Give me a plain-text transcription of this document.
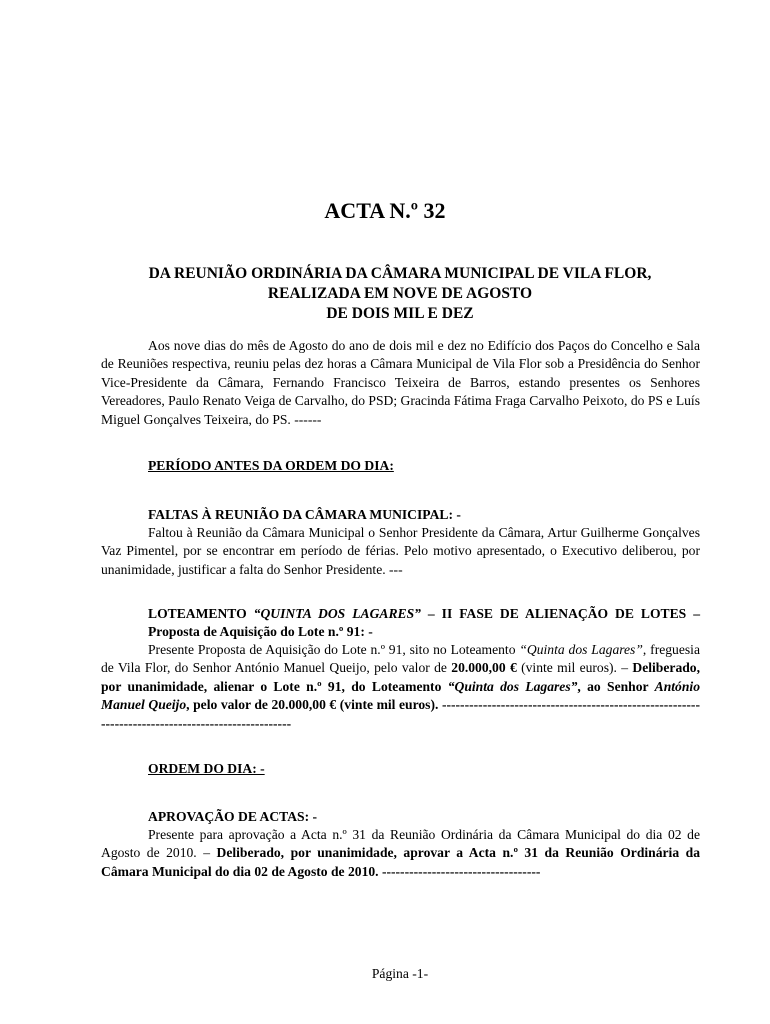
ACTA N.º 32
DA REUNIÃO ORDINÁRIA DA CÂMARA MUNICIPAL DE VILA FLOR,
REALIZADA EM NOVE DE AGOSTO
DE DOIS MIL E DEZ

Aos nove dias do mês de Agosto do ano de dois mil e dez no Edifício dos Paços do Concelho e Sala de Reuniões respectiva, reuniu pelas dez horas a Câmara Municipal de Vila Flor sob a Presidência do Senhor Vice-Presidente da Câmara, Fernando Francisco Teixeira de Barros, estando presentes os Senhores Vereadores, Paulo Renato Veiga de Carvalho, do PSD; Gracinda Fátima Fraga Carvalho Peixoto, do PS e Luís Miguel Gonçalves Teixeira, do PS. ------

PERÍODO ANTES DA ORDEM DO DIA:
FALTAS À REUNIÃO DA CÂMARA MUNICIPAL: -

Faltou à Reunião da Câmara Municipal o Senhor Presidente da Câmara, Artur Guilherme Gonçalves Vaz Pimentel, por se encontrar em período de férias. Pelo motivo apresentado, o Executivo deliberou, por unanimidade, justificar a falta do Senhor Presidente. ---

LOTEAMENTO “QUINTA DOS LAGARES” – II FASE DE ALIENAÇÃO DE LOTES – Proposta de Aquisição do Lote n.º 91: -

Presente Proposta de Aquisição do Lote n.º 91, sito no Loteamento “Quinta dos Lagares”, freguesia de Vila Flor, do Senhor António Manuel Queijo, pelo valor de 20.000,00 € (vinte mil euros). – Deliberado, por unanimidade, alienar o Lote n.º 91, do Loteamento “Quinta dos Lagares”, ao Senhor António Manuel Queijo, pelo valor de 20.000,00 € (vinte mil euros). ---------------------------------------------------------------------------------------------------

ORDEM DO DIA: -
APROVAÇÃO DE ACTAS: -

Presente para aprovação a Acta n.º 31 da Reunião Ordinária da Câmara Municipal do dia 02 de Agosto de 2010. – Deliberado, por unanimidade, aprovar a Acta n.º 31 da Reunião Ordinária da Câmara Municipal do dia 02 de Agosto de 2010. -----------------------------------

Página -1-
